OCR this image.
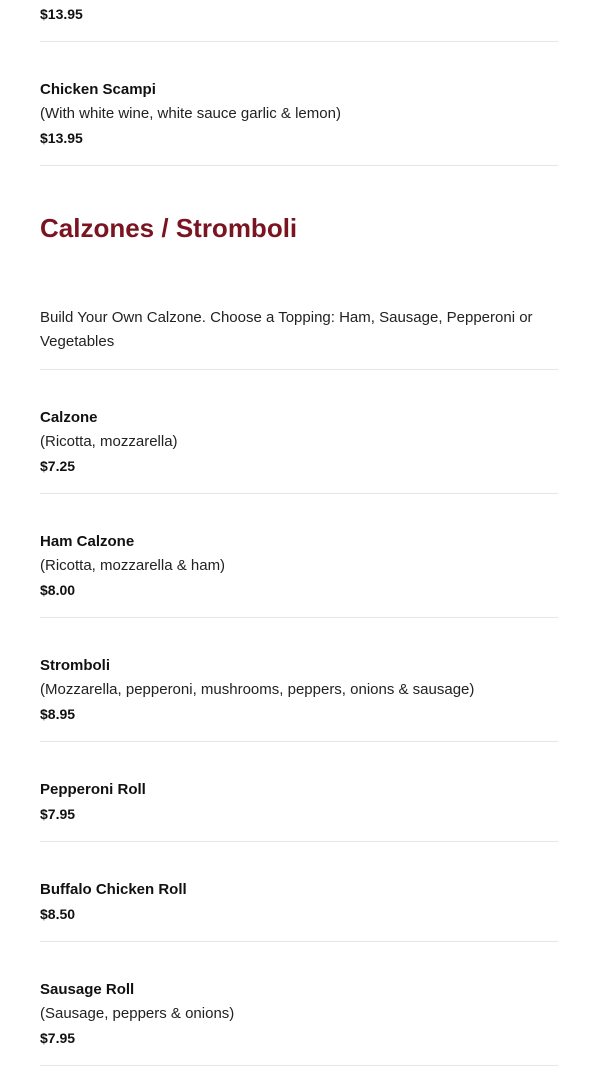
$13.95
Chicken Scampi
(With white wine, white sauce garlic & lemon)
$13.95
Calzones / Stromboli
Build Your Own Calzone. Choose a Topping: Ham, Sausage, Pepperoni or Vegetables
Calzone
(Ricotta, mozzarella)
$7.25
Ham Calzone
(Ricotta, mozzarella & ham)
$8.00
Stromboli
(Mozzarella, pepperoni, mushrooms, peppers, onions & sausage)
$8.95
Pepperoni Roll
$7.95
Buffalo Chicken Roll
$8.50
Sausage Roll
(Sausage, peppers & onions)
$7.95
